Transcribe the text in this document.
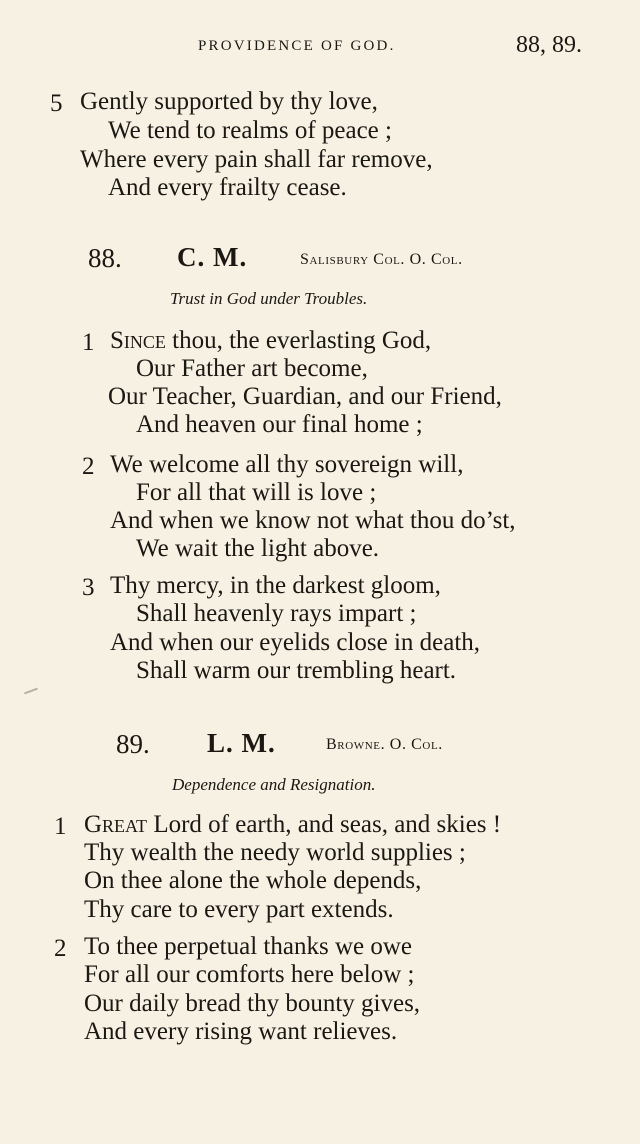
PROVIDENCE OF GOD.	88, 89.
5 Gently supported by thy love,
We tend to realms of peace ;
Where every pain shall far remove,
And every frailty cease.
88. C. M.	Salisbury Col. O. Col.
Trust in God under Troubles.
1 Since thou, the everlasting God,
Our Father art become,
Our Teacher, Guardian, and our Friend,
And heaven our final home ;
2 We welcome all thy sovereign will,
For all that will is love ;
And when we know not what thou do’st,
We wait the light above.
3 Thy mercy, in the darkest gloom,
Shall heavenly rays impart ;
And when our eyelids close in death,
Shall warm our trembling heart.
89. L. M.	Browne. O. Col.
Dependence and Resignation.
1 Great Lord of earth, and seas, and skies !
Thy wealth the needy world supplies ;
On thee alone the whole depends,
Thy care to every part extends.
2 To thee perpetual thanks we owe
For all our comforts here below ;
Our daily bread thy bounty gives,
And every rising want relieves.
